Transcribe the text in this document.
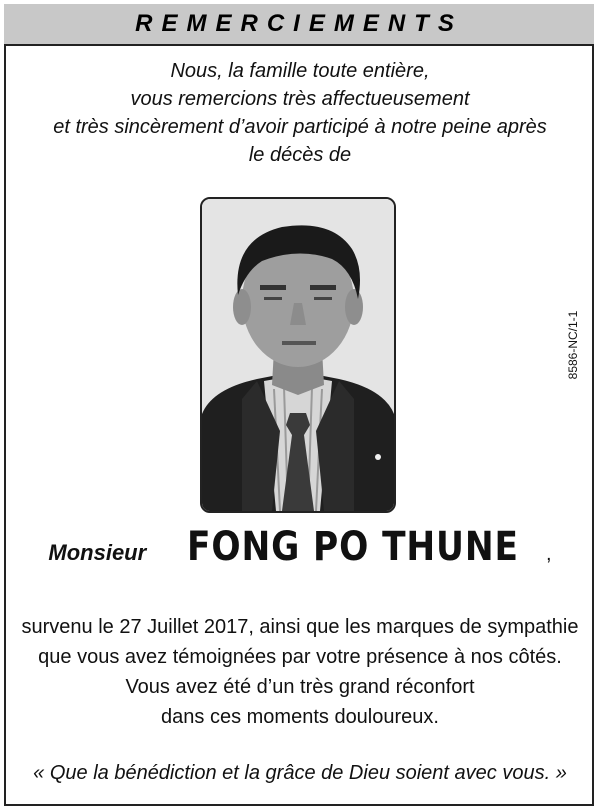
REMERCIEMENTS
Nous, la famille toute entière,
vous remercions très affectueusement
et très sincèrement d’avoir participé à notre peine après
le décès de
8586-NC/1-1
Monsieur FONG PO THUNE ,
survenu le 27 Juillet 2017, ainsi que les marques de sympathie
que vous avez témoignées par votre présence à nos côtés.
Vous avez été d’un très grand réconfort
dans ces moments douloureux.
« Que la bénédiction et la grâce de Dieu soient avec vous. »
